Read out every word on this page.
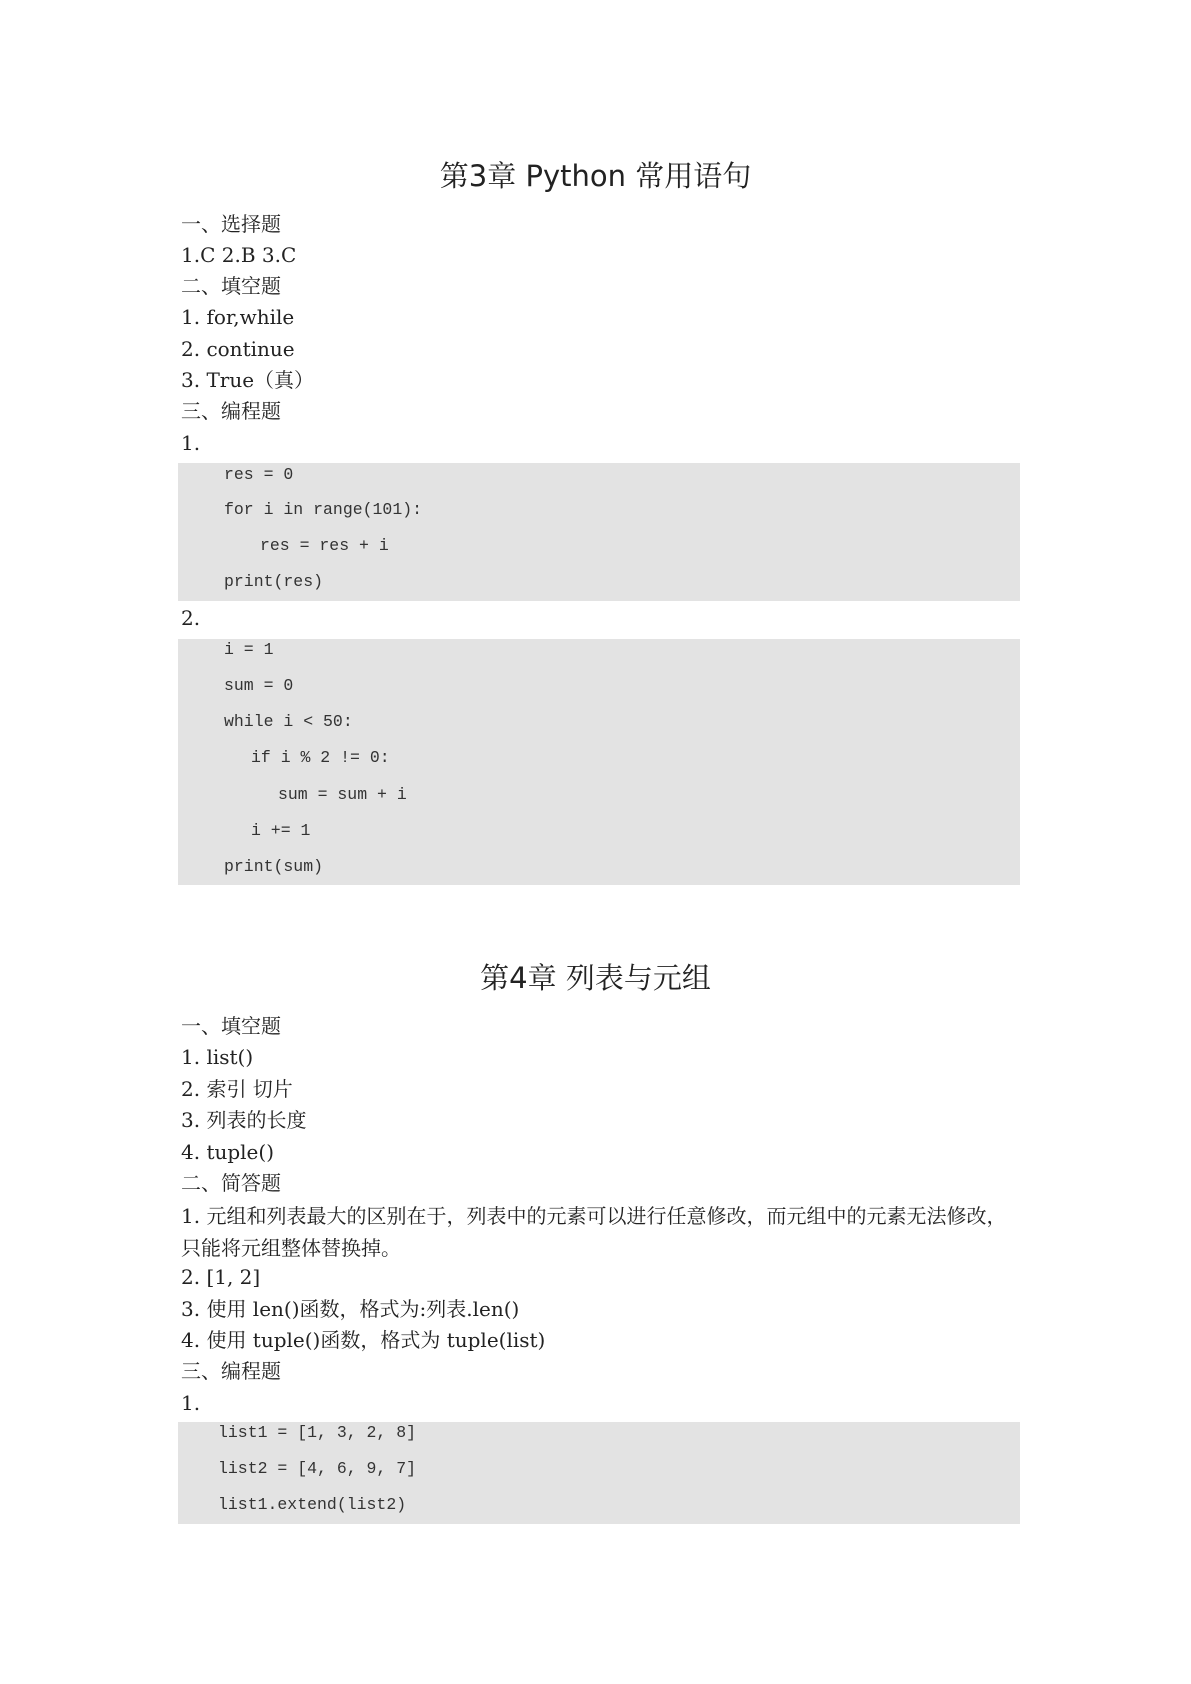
第3章 Python 常用语句

一、选择题

1.C 2.B 3.C

二、填空题

1. for,while

2. continue

3. True（真）

三、编程题

1.

res = 0
for i in range(101):
res = res + i
print(res)

2.

i = 1
sum = 0
while i < 50:
if i % 2 != 0:
sum = sum + i
i += 1
print(sum)
第4章 列表与元组

一、填空题

1. list()

2. 索引 切片

3. 列表的长度

4. tuple()

二、简答题

1. 元组和列表最大的区别在于，列表中的元素可以进行任意修改，而元组中的元素无法修改，只能将元组整体替换掉。

2. [1, 2]

3. 使用 len()函数，格式为:列表.len()

4. 使用 tuple()函数，格式为 tuple(list)

三、编程题

1.

list1 = [1, 3, 2, 8]
list2 = [4, 6, 9, 7]
list1.extend(list2)
